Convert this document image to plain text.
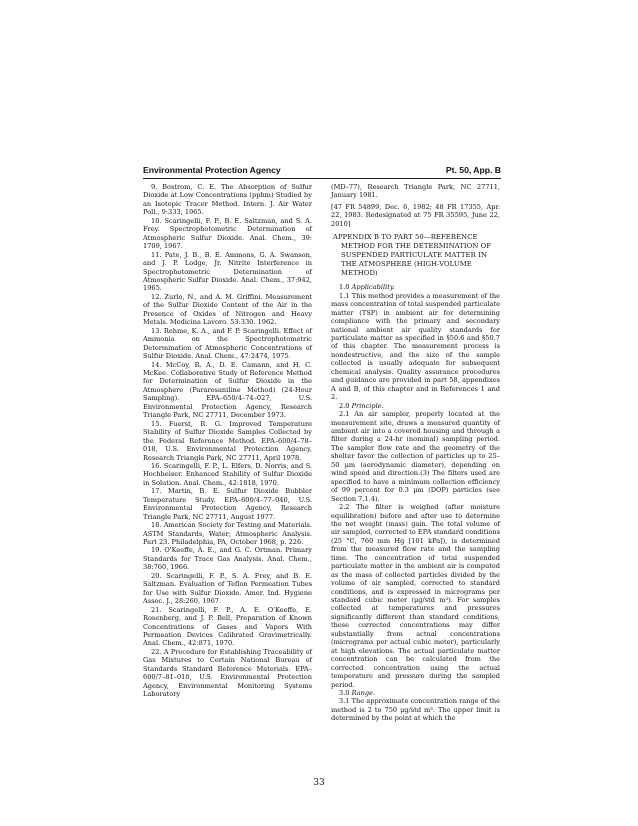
Environmental Protection Agency	Pt. 50, App. B

9. Bostrom, C. E. The Absorption of Sulfur Dioxide at Low Concentrations (pphm) Studied by an Isotopic Tracer Method. Intern. J. Air Water Poll., 9:333, 1965.

10. Scaringelli, F. P., B. E. Saltzman, and S. A. Frey. Spectrophotometric Determination of Atmospheric Sulfur Dioxide. Anal. Chem., 39: 1709, 1967.

11. Pate, J. B., B. E. Ammons, G. A. Swanson, and J. P. Lodge, Jr. Nitrite Interference in Spectrophotometric Determination of Atmospheric Sulfur Dioxide. Anal. Chem., 37:942, 1965.

12. Zurlo, N., and A. M. Griffini. Measurement of the Sulfur Dioxide Content of the Air in the Presence of Oxides of Nitrogen and Heavy Metals. Medicina Lavoro. 53:330. 1962.

13. Rehme, K. A., and F. P. Scaringelli. Effect of Ammonia on the Spectrophotometric Determination of Atmospheric Concentrations of Sulfur Dioxide. Anal. Chem., 47:2474, 1975.

14. McCoy, R. A., D. E. Camann, and H. C. McKee. Collaborative Study of Reference Method for Determination of Sulfur Dioxide in the Atmosphere (Pararosaniline Method) (24-Hour Sampling). EPA–650/4–74–027, U.S. Environmental Protection Agency, Research Triangle Park, NC 27711, December 1973.

15. Fuerst, R. G. Improved Temperature Stability of Sulfur Dioxide Samples Collected by the Federal Reference Method. EPA–600/4–78–018, U.S. Environmental Protection Agency, Research Triangle Park, NC 27711, April 1978.

16. Scaringelli, F. P., L. Elfers, D. Norris, and S. Hochheiser. Enhanced Stability of Sulfur Dioxide in Solution. Anal. Chem., 42:1818, 1970.

17. Martin, B. E. Sulfur Dioxide Bubbler Temperature Study. EPA–600/4–77–040, U.S. Environmental Protection Agency, Research Triangle Park, NC 27711, August 1977.

18. American Society for Testing and Materials. ASTM Standards, Water; Atmospheric Analysis. Part 23. Philadelphia, PA, October 1968, p. 226.

19. O'Keeffe, A. E., and G. C. Ortman. Primary Standards for Trace Gas Analysis. Anal. Chem., 38:760, 1966.

20. Scaringelli, F. P., S. A. Frey, and B. E. Saltzman. Evaluation of Teflon Permeation Tubes for Use with Sulfur Dioxide. Amer. Ind. Hygiene Assoc. J., 28:260, 1967.

21. Scaringelli, F. P., A. E. O'Keeffe, E. Rosenberg, and J. P. Bell, Preparation of Known Concentrations of Gases and Vapors With Permeation Devices Calibrated Gravimetrically. Anal. Chem., 42:871, 1970.

22. A Procedure for Establishing Traceability of Gas Mixtures to Certain National Bureau of Standards Standard Reference Materials. EPA–600/7–81–010, U.S. Environmental Protection Agency, Environmental Monitoring Systems Laboratory

(MD–77), Research Triangle Park, NC 27711, January 1981.

[47 FR 54899, Dec. 6, 1982; 48 FR 17355, Apr. 22, 1983. Redesignated at 75 FR 35595, June 22, 2010]

APPENDIX B TO PART 50—REFERENCE METHOD FOR THE DETERMINATION OF SUSPENDED PARTICULATE MATTER IN THE ATMOSPHERE (HIGH-VOLUME METHOD)

1.0 Applicability.

1.1 This method provides a measurement of the mass concentration of total suspended particulate matter (TSP) in ambient air for determining compliance with the primary and secondary national ambient air quality standards for particulate matter as specified in §50.6 and §50.7 of this chapter. The measurement process is nondestructive, and the size of the sample collected is usually adequate for subsequent chemical analysis. Quality assurance procedures and guidance are provided in part 58, appendixes A and B, of this chapter and in References 1 and 2.

2.0 Principle.

2.1 An air sampler, properly located at the measurement site, draws a measured quantity of ambient air into a covered housing and through a filter during a 24-hr (nominal) sampling period. The sampler flow rate and the geometry of the shelter favor the collection of particles up to 25–50 μm (aerodynamic diameter), depending on wind speed and direction.(3) The filters used are specified to have a minimum collection efficiency of 99 percent for 0.3 μm (DOP) particles (see Section 7.1.4).

2.2 The filter is weighed (after moisture equilibration) before and after use to determine the net weight (mass) gain. The total volume of air sampled, corrected to EPA standard conditions (25 °C, 760 mm Hg [101 kPa]), is determined from the measured flow rate and the sampling time. The concentration of total suspended particulate matter in the ambient air is computed as the mass of collected particles divided by the volume of air sampled, corrected to standard conditions, and is expressed in micrograms per standard cubic meter (μg/std m³). For samples collected at temperatures and pressures significantly different than standard conditions, these corrected concentrations may differ substantially from actual concentrations (micrograms per actual cubic meter), particularly at high elevations. The actual particulate matter concentration can be calculated from the corrected concentration using the actual temperature and pressure during the sampled period.

3.0 Range.

3.1 The approximate concentration range of the method is 2 to 750 μg/std m³. The upper limit is determined by the point at which the

33
